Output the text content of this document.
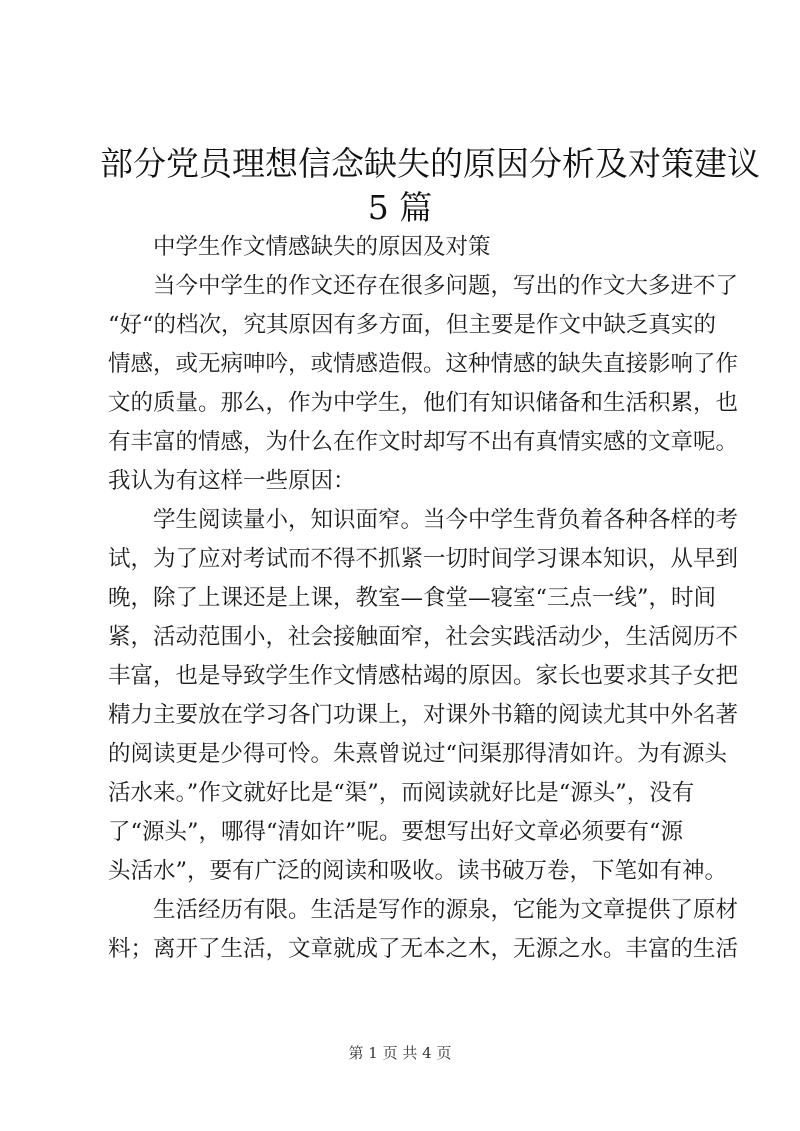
部分党员理想信念缺失的原因分析及对策建议
5 篇
　　中学生作文情感缺失的原因及对策
　　当今中学生的作文还存在很多问题，写出的作文大多进不了
“好“的档次，究其原因有多方面，但主要是作文中缺乏真实的
情感，或无病呻吟，或情感造假。这种情感的缺失直接影响了作
文的质量。那么，作为中学生，他们有知识储备和生活积累，也
有丰富的情感，为什么在作文时却写不出有真情实感的文章呢。
我认为有这样一些原因：
　　学生阅读量小，知识面窄。当今中学生背负着各种各样的考
试，为了应对考试而不得不抓紧一切时间学习课本知识，从早到
晚，除了上课还是上课，教室—食堂—寝室“三点一线”，时间
紧，活动范围小，社会接触面窄，社会实践活动少，生活阅历不
丰富，也是导致学生作文情感枯竭的原因。家长也要求其子女把
精力主要放在学习各门功课上，对课外书籍的阅读尤其中外名著
的阅读更是少得可怜。朱熹曾说过“问渠那得清如许。为有源头
活水来。”作文就好比是“渠”，而阅读就好比是“源头”，没有
了“源头”，哪得“清如许”呢。要想写出好文章必须要有“源
头活水”，要有广泛的阅读和吸收。读书破万卷，下笔如有神。
　　生活经历有限。生活是写作的源泉，它能为文章提供了原材
料；离开了生活，文章就成了无本之木，无源之水。丰富的生活
第 1 页 共 4 页
